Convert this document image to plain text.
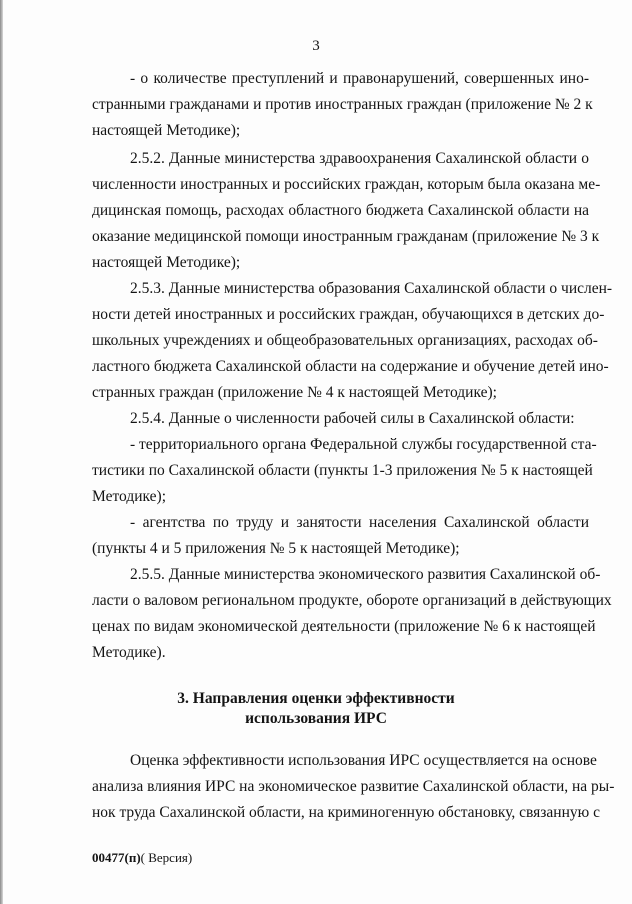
3
- о количестве преступлений и правонарушений, совершенных ино-
странными гражданами и против иностранных граждан (приложение № 2 к
настоящей Методике);
2.5.2. Данные министерства здравоохранения Сахалинской области о
численности иностранных и российских граждан, которым была оказана ме-
дицинская помощь, расходах областного бюджета Сахалинской области на
оказание медицинской помощи иностранным гражданам (приложение № 3 к
настоящей Методике);
2.5.3. Данные министерства образования Сахалинской области о числен-
ности детей иностранных и российских граждан, обучающихся в детских до-
школьных учреждениях и общеобразовательных организациях, расходах об-
ластного бюджета Сахалинской области на содержание и обучение детей ино-
странных граждан (приложение № 4 к настоящей Методике);
2.5.4. Данные о численности рабочей силы в Сахалинской области:
- территориального органа Федеральной службы государственной ста-
тистики по Сахалинской области (пункты 1-3 приложения № 5 к настоящей
Методике);
- агентства по труду и занятости населения Сахалинской области
(пункты 4 и 5 приложения № 5 к настоящей Методике);
2.5.5. Данные министерства экономического развития Сахалинской об-
ласти о валовом региональном продукте, обороте организаций в действующих
ценах по видам экономической деятельности (приложение № 6 к настоящей
Методике).
3. Направления оценки эффективности
использования ИРС
Оценка эффективности использования ИРС осуществляется на основе
анализа влияния ИРС на экономическое развитие Сахалинской области, на ры-
нок труда Сахалинской области, на криминогенную обстановку, связанную с
00477(п)( Версия)
